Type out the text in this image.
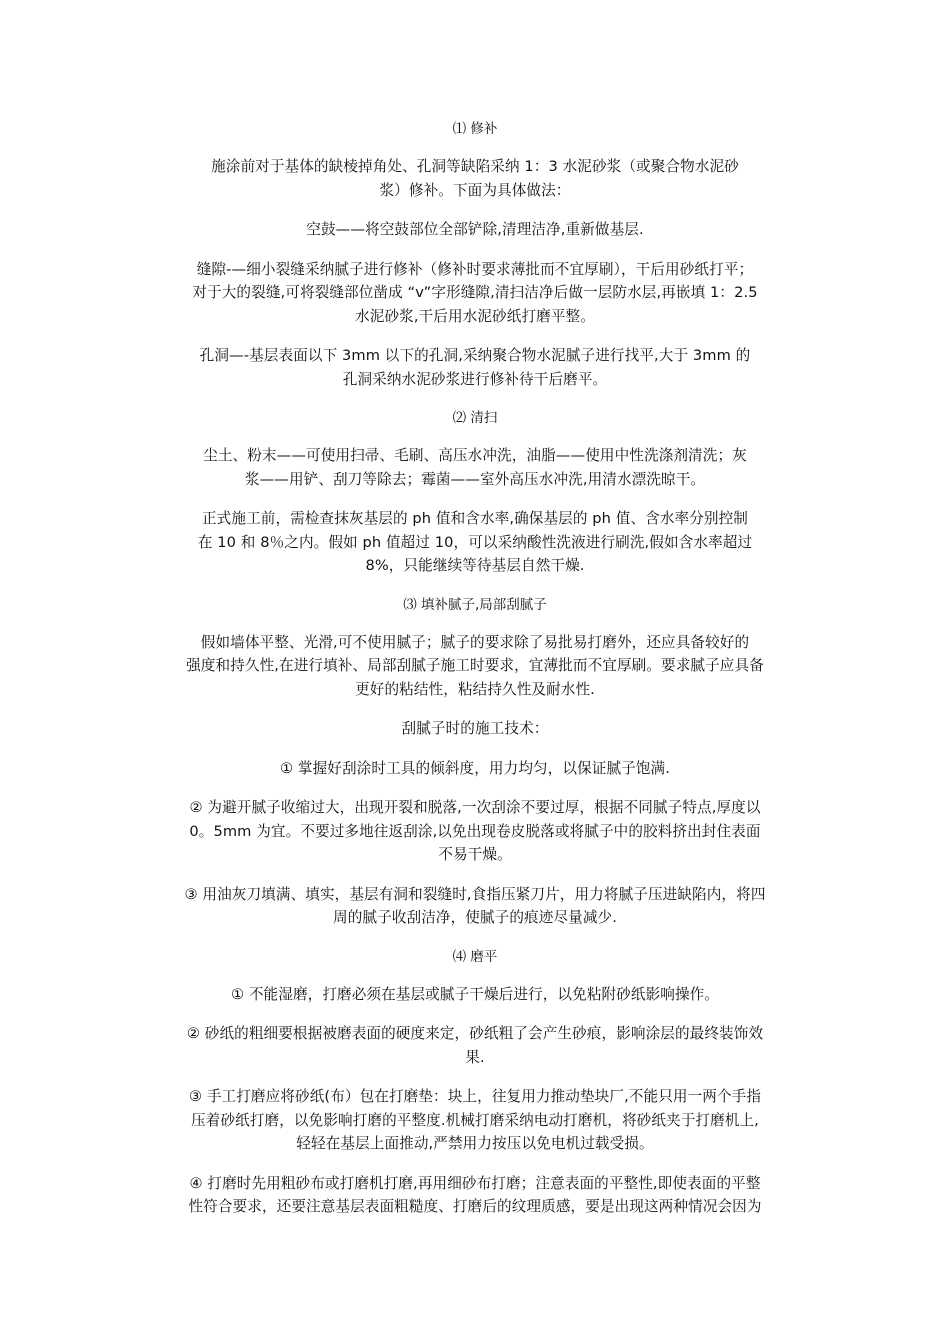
⑴ 修补
施涂前对于基体的缺棱掉角处、孔洞等缺陷采纳 1：3 水泥砂浆（或聚合物水泥砂
浆）修补。下面为具体做法：
空鼓——将空鼓部位全部铲除,清理洁净,重新做基层.
缝隙-—细小裂缝采纳腻子进行修补（修补时要求薄批而不宜厚刷），干后用砂纸打平；
对于大的裂缝,可将裂缝部位凿成 “v”字形缝隙,清扫洁净后做一层防水层,再嵌填 1：2.5
水泥砂浆,干后用水泥砂纸打磨平整。
孔洞—-基层表面以下 3mm 以下的孔洞,采纳聚合物水泥腻子进行找平,大于 3mm 的
孔洞采纳水泥砂浆进行修补待干后磨平。
⑵ 清扫
尘土、粉末——可使用扫帚、毛刷、高压水冲洗，油脂——使用中性洗涤剂清洗；灰
浆——用铲、刮刀等除去；霉菌——室外高压水冲洗,用清水漂洗晾干。
正式施工前，需检查抹灰基层的 ph 值和含水率,确保基层的 ph 值、含水率分别控制
在 10 和 8％之内。假如 ph 值超过 10，可以采纳酸性洗液进行刷洗,假如含水率超过
8%，只能继续等待基层自然干燥.
⑶ 填补腻子,局部刮腻子
假如墙体平整、光滑,可不使用腻子；腻子的要求除了易批易打磨外，还应具备较好的
强度和持久性,在进行填补、局部刮腻子施工时要求，宜薄批而不宜厚刷。要求腻子应具备
更好的粘结性，粘结持久性及耐水性.
刮腻子时的施工技术：
① 掌握好刮涂时工具的倾斜度，用力均匀，以保证腻子饱满.
② 为避开腻子收缩过大，出现开裂和脱落,一次刮涂不要过厚，根据不同腻子特点,厚度以
0。5mm 为宜。不要过多地往返刮涂,以免出现卷皮脱落或将腻子中的胶料挤出封住表面
不易干燥。
③ 用油灰刀填满、填实，基层有洞和裂缝时,食指压紧刀片，用力将腻子压进缺陷内，将四
周的腻子收刮洁净，使腻子的痕迹尽量减少.
⑷ 磨平
① 不能湿磨，打磨必须在基层或腻子干燥后进行，以免粘附砂纸影响操作。
② 砂纸的粗细要根据被磨表面的硬度来定，砂纸粗了会产生砂痕，影响涂层的最终装饰效
果.
③ 手工打磨应将砂纸(布）包在打磨垫：块上，往复用力推动垫块厂,不能只用一两个手指
压着砂纸打磨，以免影响打磨的平整度.机械打磨采纳电动打磨机，将砂纸夹于打磨机上,
轻轻在基层上面推动,严禁用力按压以免电机过载受损。
④ 打磨时先用粗砂布或打磨机打磨,再用细砂布打磨；注意表面的平整性,即使表面的平整
性符合要求，还要注意基层表面粗糙度、打磨后的纹理质感，要是出现这两种情况会因为
